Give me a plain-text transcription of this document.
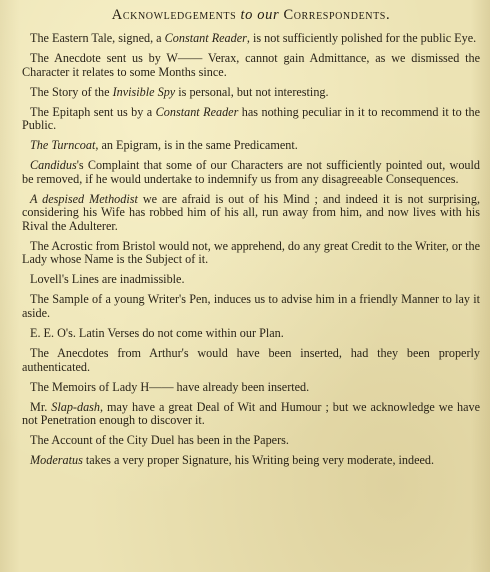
Acknowledgements to our Correspondents.

The Eastern Tale, signed, a Constant Reader, is not sufficiently polished for the public Eye.

The Anecdote sent us by W—— Verax, cannot gain Admittance, as we dismissed the Character it relates to some Months since.

The Story of the Invisible Spy is personal, but not interesting.

The Epitaph sent us by a Constant Reader has nothing peculiar in it to recommend it to the Public.

The Turncoat, an Epigram, is in the same Predicament.

Candidus's Complaint that some of our Characters are not sufficiently pointed out, would be removed, if he would undertake to indemnify us from any disagreeable Consequences.

A despised Methodist we are afraid is out of his Mind ; and indeed it is not surprising, considering his Wife has robbed him of his all, run away from him, and now lives with his Rival the Adulterer.

The Acrostic from Bristol would not, we apprehend, do any great Credit to the Writer, or the Lady whose Name is the Subject of it.

Lovell's Lines are inadmissible.

The Sample of a young Writer's Pen, induces us to advise him in a friendly Manner to lay it aside.

E. E. O's. Latin Verses do not come within our Plan.

The Anecdotes from Arthur's would have been inserted, had they been properly authenticated.

The Memoirs of Lady H—— have already been inserted.

Mr. Slap-dash, may have a great Deal of Wit and Humour ; but we acknowledge we have not Penetration enough to discover it.

The Account of the City Duel has been in the Papers.

Moderatus takes a very proper Signature, his Writing being very moderate, indeed.
